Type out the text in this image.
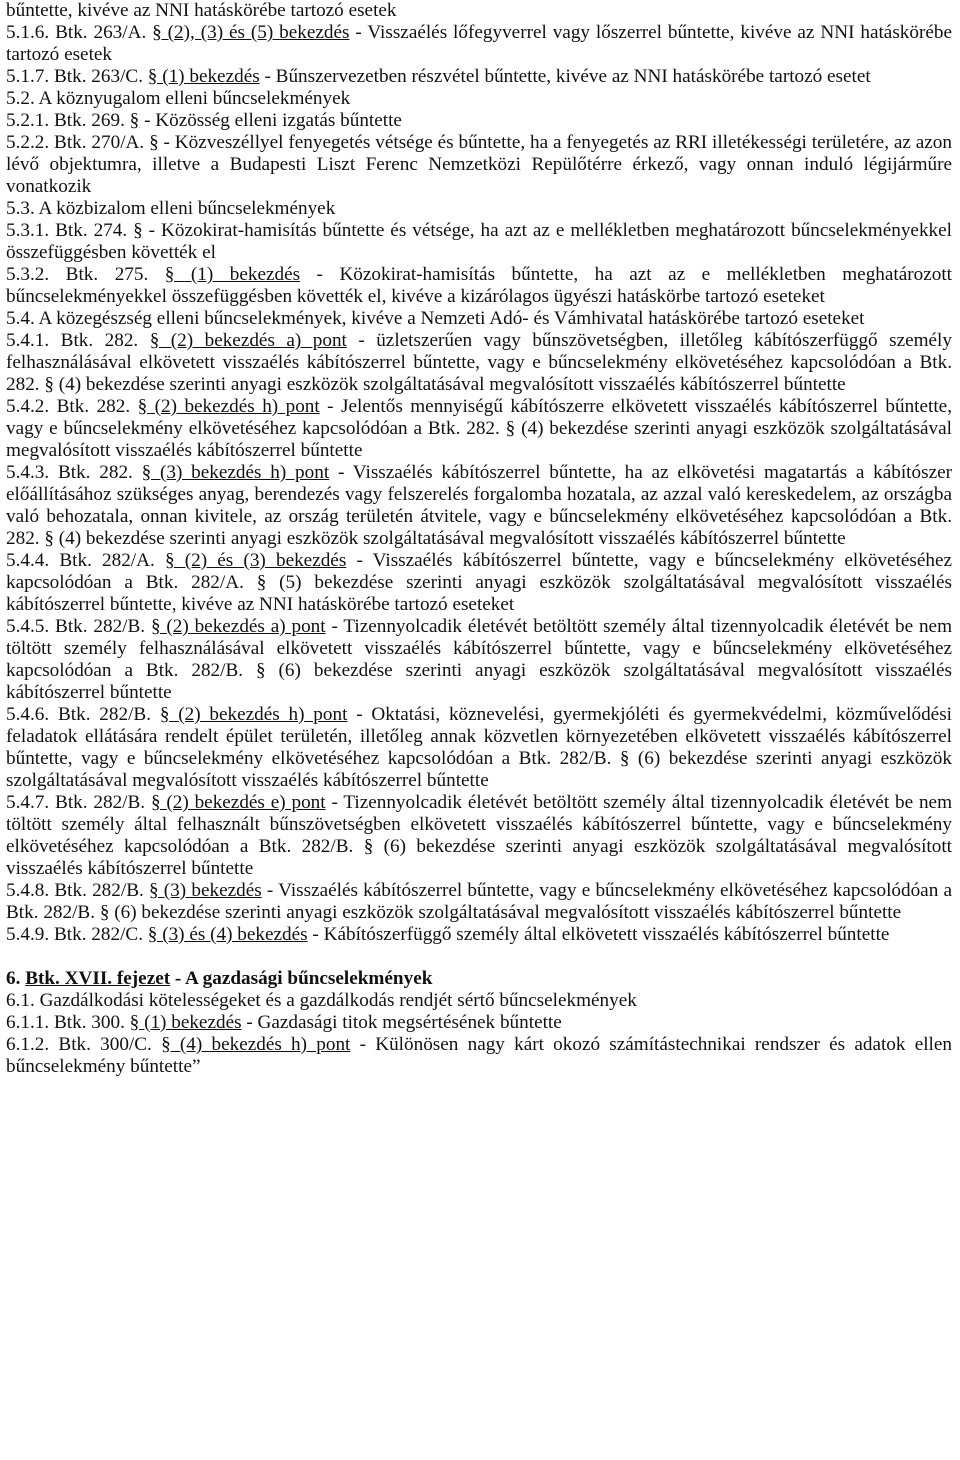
bűntette, kivéve az NNI hatáskörébe tartozó esetek
5.1.6. Btk. 263/A. § (2), (3) és (5) bekezdés - Visszaélés lőfegyverrel vagy lőszerrel bűntette, kivéve az NNI hatáskörébe tartozó esetek
5.1.7. Btk. 263/C. § (1) bekezdés - Bűnszervezetben részvétel bűntette, kivéve az NNI hatáskörébe tartozó esetet
5.2. A köznyugalom elleni bűncselekmények
5.2.1. Btk. 269. § - Közösség elleni izgatás bűntette
5.2.2. Btk. 270/A. § - Közveszéllyel fenyegetés vétsége és bűntette, ha a fenyegetés az RRI illetékességi területére, az azon lévő objektumra, illetve a Budapesti Liszt Ferenc Nemzetközi Repülőtérre érkező, vagy onnan induló légijárműre vonatkozik
5.3. A közbizalom elleni bűncselekmények
5.3.1. Btk. 274. § - Közokirat-hamisítás bűntette és vétsége, ha azt az e mellékletben meghatározott bűncselekményekkel összefüggésben követték el
5.3.2. Btk. 275. § (1) bekezdés - Közokirat-hamisítás bűntette, ha azt az e mellékletben meghatározott bűncselekményekkel összefüggésben követték el, kivéve a kizárólagos ügyészi hatáskörbe tartozó eseteket
5.4. A közegészség elleni bűncselekmények, kivéve a Nemzeti Adó- és Vámhivatal hatáskörébe tartozó eseteket
5.4.1. Btk. 282. § (2) bekezdés a) pont - üzletszerűen vagy bűnszövetségben, illetőleg kábítószerfüggő személy felhasználásával elkövetett visszaélés kábítószerrel bűntette, vagy e bűncselekmény elkövetéséhez kapcsolódóan a Btk. 282. § (4) bekezdése szerinti anyagi eszközök szolgáltatásával megvalósított visszaélés kábítószerrel bűntette
5.4.2. Btk. 282. § (2) bekezdés h) pont - Jelentős mennyiségű kábítószerre elkövetett visszaélés kábítószerrel bűntette, vagy e bűncselekmény elkövetéséhez kapcsolódóan a Btk. 282. § (4) bekezdése szerinti anyagi eszközök szolgáltatásával megvalósított visszaélés kábítószerrel bűntette
5.4.3. Btk. 282. § (3) bekezdés h) pont - Visszaélés kábítószerrel bűntette, ha az elkövetési magatartás a kábítószer előállításához szükséges anyag, berendezés vagy felszerelés forgalomba hozatala, az azzal való kereskedelem, az országba való behozatala, onnan kivitele, az ország területén átvitele, vagy e bűncselekmény elkövetéséhez kapcsolódóan a Btk. 282. § (4) bekezdése szerinti anyagi eszközök szolgáltatásával megvalósított visszaélés kábítószerrel bűntette
5.4.4. Btk. 282/A. § (2) és (3) bekezdés - Visszaélés kábítószerrel bűntette, vagy e bűncselekmény elkövetéséhez kapcsolódóan a Btk. 282/A. § (5) bekezdése szerinti anyagi eszközök szolgáltatásával megvalósított visszaélés kábítószerrel bűntette, kivéve az NNI hatáskörébe tartozó eseteket
5.4.5. Btk. 282/B. § (2) bekezdés a) pont - Tizennyolcadik életévét betöltött személy által tizennyolcadik életévét be nem töltött személy felhasználásával elkövetett visszaélés kábítószerrel bűntette, vagy e bűncselekmény elkövetéséhez kapcsolódóan a Btk. 282/B. § (6) bekezdése szerinti anyagi eszközök szolgáltatásával megvalósított visszaélés kábítószerrel bűntette
5.4.6. Btk. 282/B. § (2) bekezdés h) pont - Oktatási, köznevelési, gyermekjóléti és gyermekvédelmi, közművelődési feladatok ellátására rendelt épület területén, illetőleg annak közvetlen környezetében elkövetett visszaélés kábítószerrel bűntette, vagy e bűncselekmény elkövetéséhez kapcsolódóan a Btk. 282/B. § (6) bekezdése szerinti anyagi eszközök szolgáltatásával megvalósított visszaélés kábítószerrel bűntette
5.4.7. Btk. 282/B. § (2) bekezdés e) pont - Tizennyolcadik életévét betöltött személy által tizennyolcadik életévét be nem töltött személy által felhasznált bűnszövetségben elkövetett visszaélés kábítószerrel bűntette, vagy e bűncselekmény elkövetéséhez kapcsolódóan a Btk. 282/B. § (6) bekezdése szerinti anyagi eszközök szolgáltatásával megvalósított visszaélés kábítószerrel bűntette
5.4.8. Btk. 282/B. § (3) bekezdés - Visszaélés kábítószerrel bűntette, vagy e bűncselekmény elkövetéséhez kapcsolódóan a Btk. 282/B. § (6) bekezdése szerinti anyagi eszközök szolgáltatásával megvalósított visszaélés kábítószerrel bűntette
5.4.9. Btk. 282/C. § (3) és (4) bekezdés - Kábítószerfüggő személy által elkövetett visszaélés kábítószerrel bűntette
6. Btk. XVII. fejezet - A gazdasági bűncselekmények
6.1. Gazdálkodási kötelességeket és a gazdálkodás rendjét sértő bűncselekmények
6.1.1. Btk. 300. § (1) bekezdés - Gazdasági titok megsértésének bűntette
6.1.2. Btk. 300/C. § (4) bekezdés h) pont - Különösen nagy kárt okozó számítástechnikai rendszer és adatok ellen bűncselekmény bűntette”
